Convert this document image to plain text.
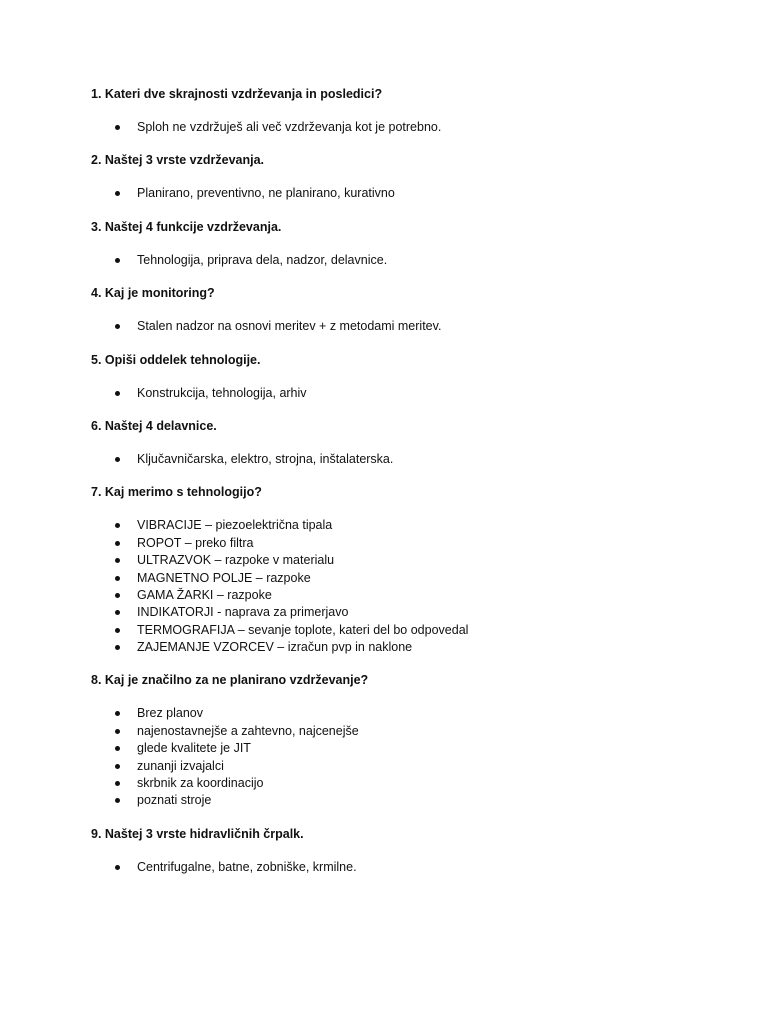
1. Kateri dve skrajnosti vzdrževanja in posledici?
Sploh ne vzdržuješ ali več vzdrževanja kot je potrebno.
2. Naštej 3 vrste vzdrževanja.
Planirano, preventivno, ne planirano, kurativno
3. Naštej 4 funkcije vzdrževanja.
Tehnologija, priprava dela, nadzor, delavnice.
4. Kaj je monitoring?
Stalen nadzor na osnovi meritev + z metodami meritev.
5. Opiši oddelek tehnologije.
Konstrukcija, tehnologija, arhiv
6. Naštej 4 delavnice.
Ključavničarska, elektro, strojna, inštalaterska.
7. Kaj merimo s tehnologijo?
VIBRACIJE – piezoelektrična tipala
ROPOT – preko filtra
ULTRAZVOK – razpoke v materialu
MAGNETNO POLJE – razpoke
GAMA ŽARKI – razpoke
INDIKATORJI - naprava za primerjavo
TERMOGRAFIJA – sevanje toplote, kateri del bo odpovedal
ZAJEMANJE VZORCEV – izračun pvp in naklone
8. Kaj je značilno za ne planirano vzdrževanje?
Brez planov
najenostavnejše a zahtevno, najcenejše
glede kvalitete je JIT
zunanji izvajalci
skrbnik za koordinacijo
poznati stroje
9. Naštej 3 vrste hidravličnih črpalk.
Centrifugalne, batne, zobniške, krmilne.
